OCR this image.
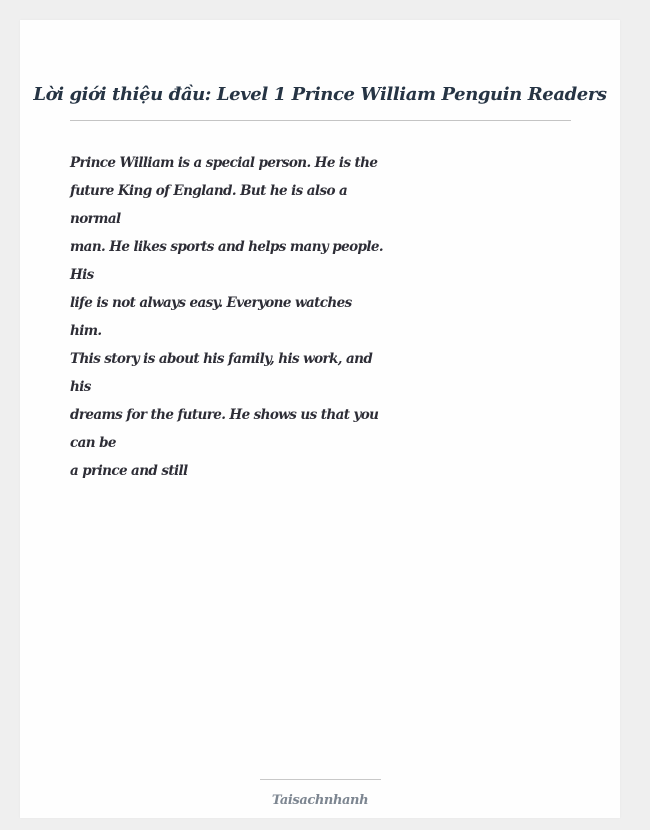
Lời giới thiệu đầu: Level 1 Prince William Penguin Readers
Prince William is a special person. He is the
future King of England. But he is also a
normal
man. He likes sports and helps many people.
His
life is not always easy. Everyone watches
him.
This story is about his family, his work, and
his
dreams for the future. He shows us that you
can be
a prince and still
Taisachnhanh
